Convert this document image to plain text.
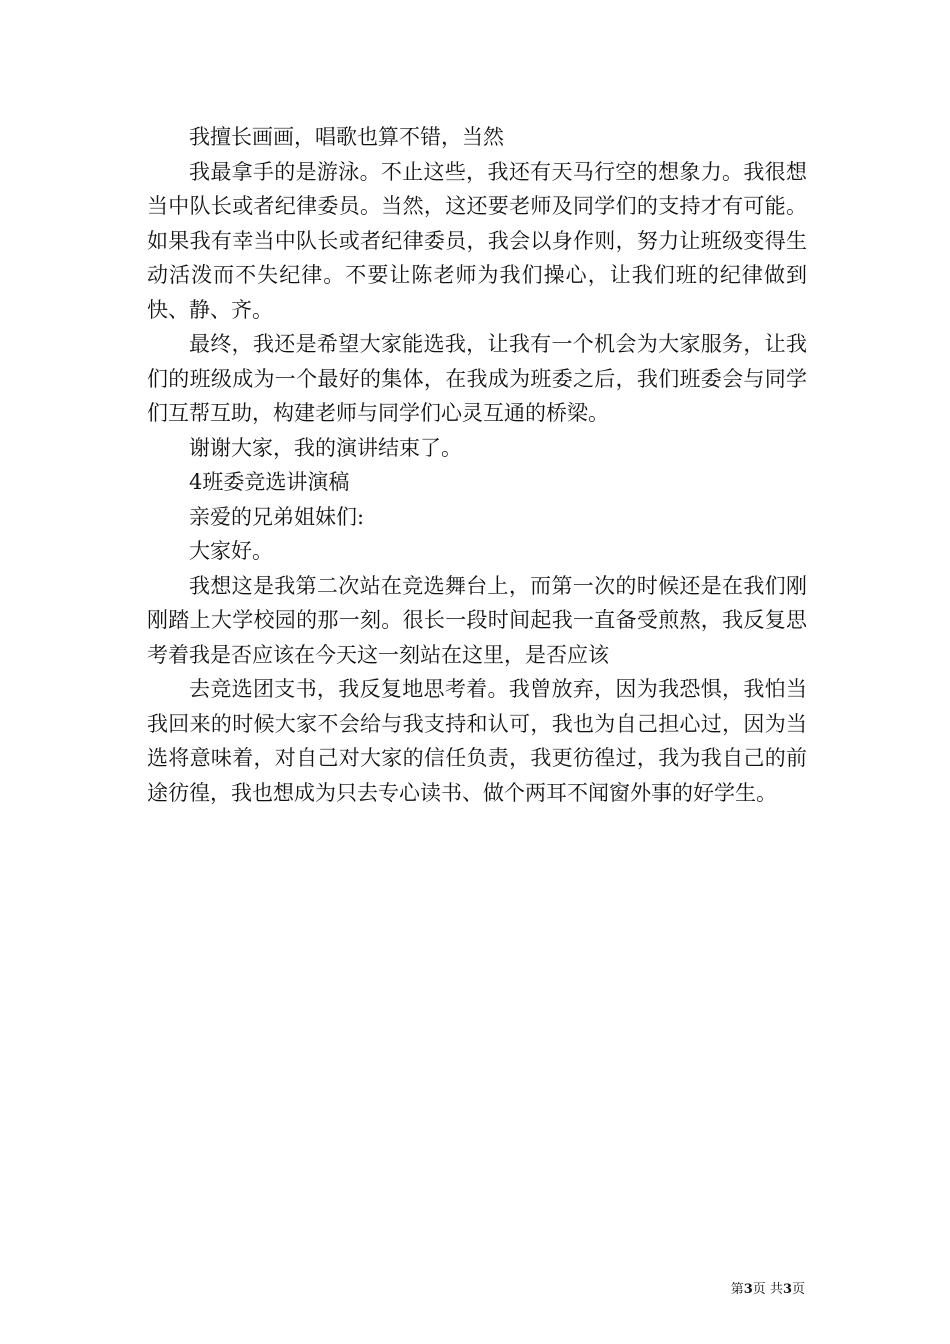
我擅长画画，唱歌也算不错，当然

我最拿手的是游泳。不止这些，我还有天马行空的想象力。我很想当中队长或者纪律委员。当然，这还要老师及同学们的支持才有可能。如果我有幸当中队长或者纪律委员，我会以身作则，努力让班级变得生动活泼而不失纪律。不要让陈老师为我们操心，让我们班的纪律做到快、静、齐。

最终，我还是希望大家能选我，让我有一个机会为大家服务，让我们的班级成为一个最好的集体，在我成为班委之后，我们班委会与同学们互帮互助，构建老师与同学们心灵互通的桥梁。

谢谢大家，我的演讲结束了。

4班委竞选讲演稿

亲爱的兄弟姐妹们:

大家好。

我想这是我第二次站在竞选舞台上，而第一次的时候还是在我们刚刚踏上大学校园的那一刻。很长一段时间起我一直备受煎熬，我反复思考着我是否应该在今天这一刻站在这里，是否应该

去竞选团支书，我反复地思考着。我曾放弃，因为我恐惧，我怕当我回来的时候大家不会给与我支持和认可，我也为自己担心过，因为当选将意味着，对自己对大家的信任负责，我更彷徨过，我为我自己的前途彷徨，我也想成为只去专心读书、做个两耳不闻窗外事的好学生。

第3页 共3页
